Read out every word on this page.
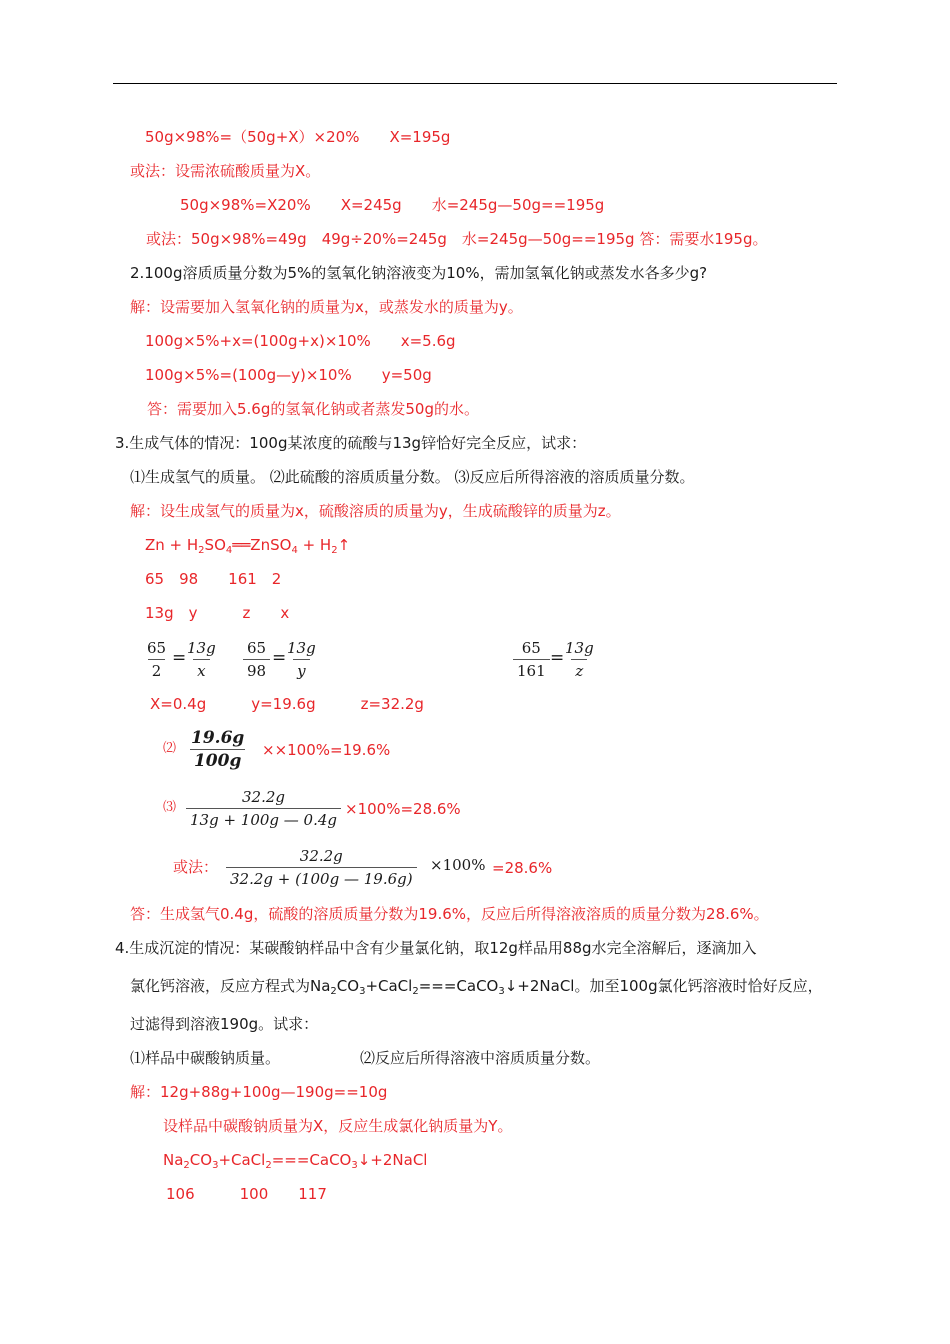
50g×98%=（50g+X）×20%　　X=195g
或法：设需浓硫酸质量为X。
50g×98%=X20%　　X=245g　　水=245g—50g==195g
或法：50g×98%=49g　49g÷20%=245g　水=245g—50g==195g 答：需要水195g。
2.100g溶质质量分数为5%的氢氧化钠溶液变为10%，需加氢氧化钠或蒸发水各多少g?
解：设需要加入氢氧化钠的质量为x，或蒸发水的质量为y。
100g×5%+x=(100g+x)×10%　　x=5.6g
100g×5%=(100g—y)×10%　　y=50g
答：需要加入5.6g的氢氧化钠或者蒸发50g的水。
3.生成气体的情况：100g某浓度的硫酸与13g锌恰好完全反应，试求：
⑴生成氢气的质量。 ⑵此硫酸的溶质质量分数。 ⑶反应后所得溶液的溶质质量分数。
解：设生成氢气的质量为x，硫酸溶质的质量为y，生成硫酸锌的质量为z。
$Zn + H_2SO_4══ZnSO_4$ + $H_2↑$
65　98　　161　2
13g　y　　　z　　x
65
2
= 13g
x
65
98
= 13g
y
65
161
= 13g
z
X=0.4g　　　y=19.6g　　　z=32.2g
⑵
19.6g
100g
××100%=19.6%
⑶
32.2g
13g + 100g — 0.4g
×100%=28.6%
或法：
32.2g
32.2g + (100g — 19.6g)
×100% =28.6%
答：生成氢气0.4g，硫酸的溶质质量分数为19.6%，反应后所得溶液溶质的质量分数为28.6%。
4.生成沉淀的情况：某碳酸钠样品中含有少量氯化钠，取12g样品用88g水完全溶解后，逐滴加入
氯化钙溶液，反应方程式为$Na_2CO_3+CaCl_2===CaCO_3↓+2NaCl$。加至100g氯化钙溶液时恰好反应，
过滤得到溶液190g。试求：
⑴样品中碳酸钠质量。	⑵反应后所得溶液中溶质质量分数。
解：12g+88g+100g—190g==10g
设样品中碳酸钠质量为X，反应生成氯化钠质量为Y。
$Na_2CO_3+CaCl_2===CaCO_3↓+2NaCl$
106　　　100　　117
